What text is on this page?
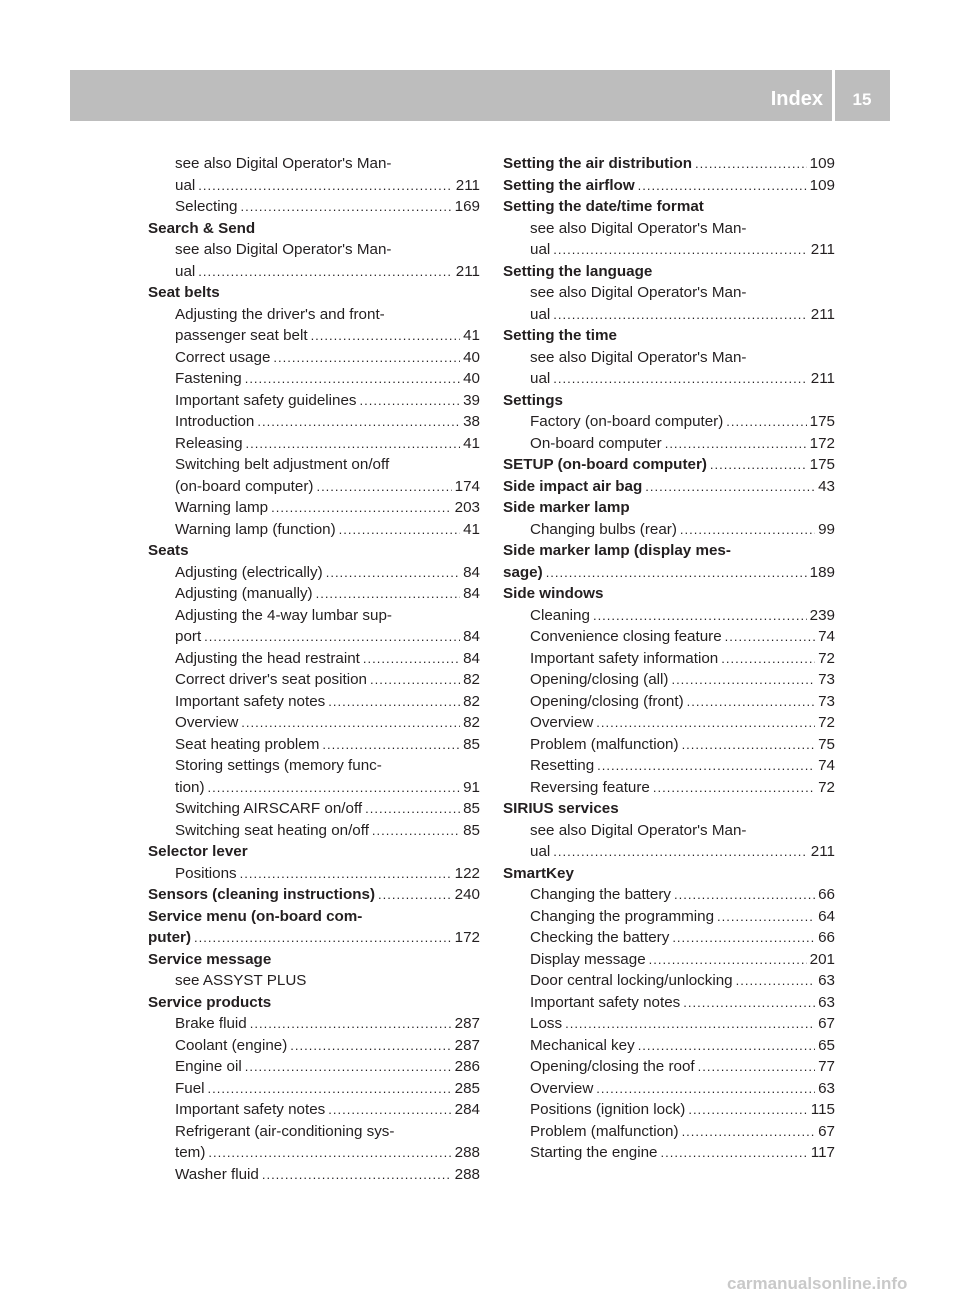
Index	15
see also Digital Operator's Man-
ual .....	211
Selecting .....	169
Search & Send
see also Digital Operator's Man-
ual .....	211
Seat belts
Adjusting the driver's and front-
passenger seat belt .....	41
Correct usage .....	40
Fastening .....	40
Important safety guidelines .....	39
Introduction .....	38
Releasing .....	41
Switching belt adjustment on/off
(on-board computer) .....	174
Warning lamp .....	203
Warning lamp (function) .....	41
Seats
Adjusting (electrically) .....	84
Adjusting (manually) .....	84
Adjusting the 4-way lumbar sup-
port .....	84
Adjusting the head restraint .....	84
Correct driver's seat position .....	82
Important safety notes .....	82
Overview .....	82
Seat heating problem .....	85
Storing settings (memory func-
tion) .....	91
Switching AIRSCARF on/off .....	85
Switching seat heating on/off .....	85
Selector lever
Positions .....	122
Sensors (cleaning instructions) .....	240
Service menu (on-board com-
puter) .....	172
Service message
see ASSYST PLUS
Service products
Brake fluid .....	287
Coolant (engine) .....	287
Engine oil .....	286
Fuel .....	285
Important safety notes .....	284
Refrigerant (air-conditioning sys-
tem) .....	288
Washer fluid .....	288
Setting the air distribution .....	109
Setting the airflow .....	109
Setting the date/time format
see also Digital Operator's Man-
ual .....	211
Setting the language
see also Digital Operator's Man-
ual .....	211
Setting the time
see also Digital Operator's Man-
ual .....	211
Settings
Factory (on-board computer) .....	175
On-board computer .....	172
SETUP (on-board computer) .....	175
Side impact air bag .....	43
Side marker lamp
Changing bulbs (rear) .....	99
Side marker lamp (display mes-
sage) .....	189
Side windows
Cleaning .....	239
Convenience closing feature .....	74
Important safety information .....	72
Opening/closing (all) .....	73
Opening/closing (front) .....	73
Overview .....	72
Problem (malfunction) .....	75
Resetting .....	74
Reversing feature .....	72
SIRIUS services
see also Digital Operator's Man-
ual .....	211
SmartKey
Changing the battery .....	66
Changing the programming .....	64
Checking the battery .....	66
Display message .....	201
Door central locking/unlocking .....	63
Important safety notes .....	63
Loss .....	67
Mechanical key .....	65
Opening/closing the roof .....	77
Overview .....	63
Positions (ignition lock) .....	115
Problem (malfunction) .....	67
Starting the engine .....	117
carmanualsonline.info
